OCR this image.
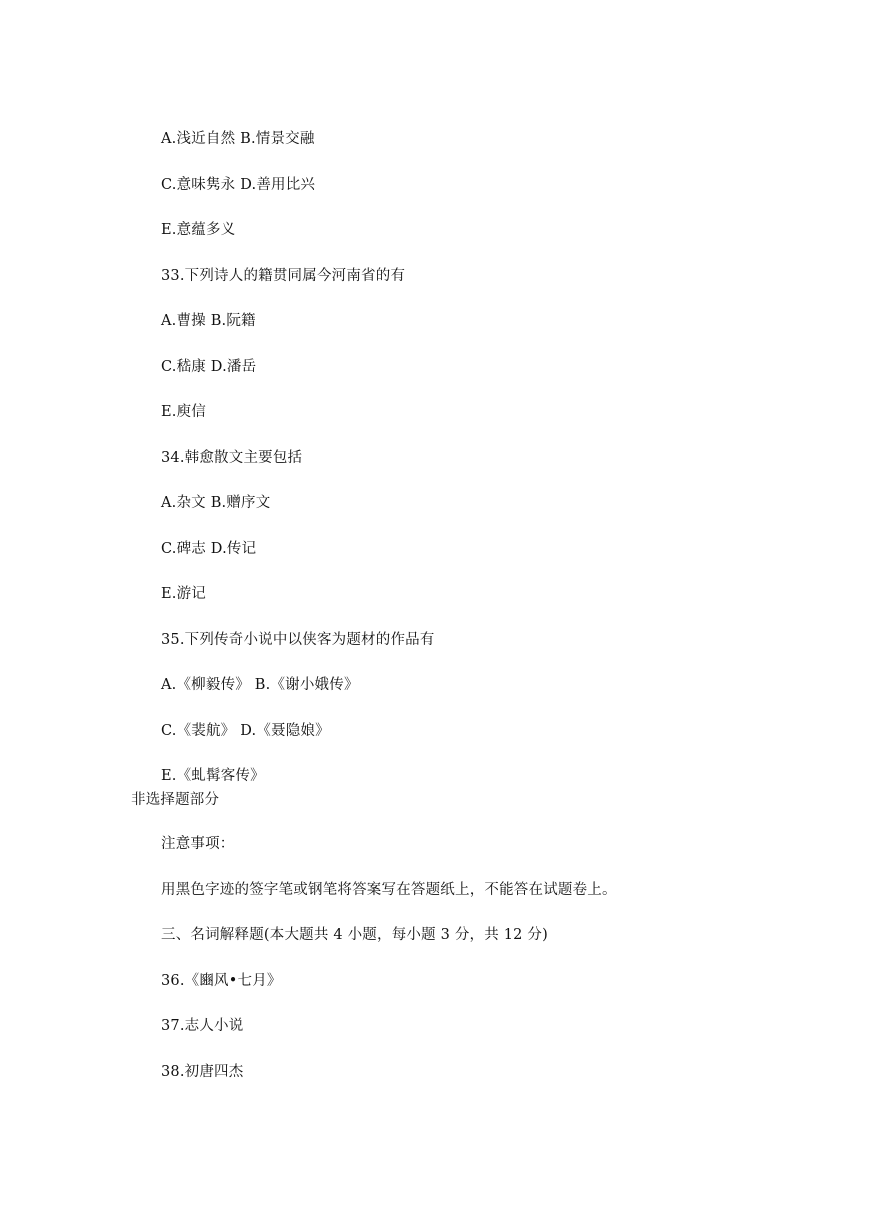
A.浅近自然 B.情景交融
C.意味隽永 D.善用比兴
E.意蕴多义
33.下列诗人的籍贯同属今河南省的有
A.曹操 B.阮籍
C.嵇康 D.潘岳
E.庾信
34.韩愈散文主要包括
A.杂文 B.赠序文
C.碑志 D.传记
E.游记
35.下列传奇小说中以侠客为题材的作品有
A.《柳毅传》 B.《谢小娥传》
C.《裴航》 D.《聂隐娘》
E.《虬髯客传》
非选择题部分
注意事项：
用黑色字迹的签字笔或钢笔将答案写在答题纸上，不能答在试题卷上。
三、名词解释题(本大题共 4 小题，每小题 3 分，共 12 分)
36.《豳风•七月》
37.志人小说
38.初唐四杰
